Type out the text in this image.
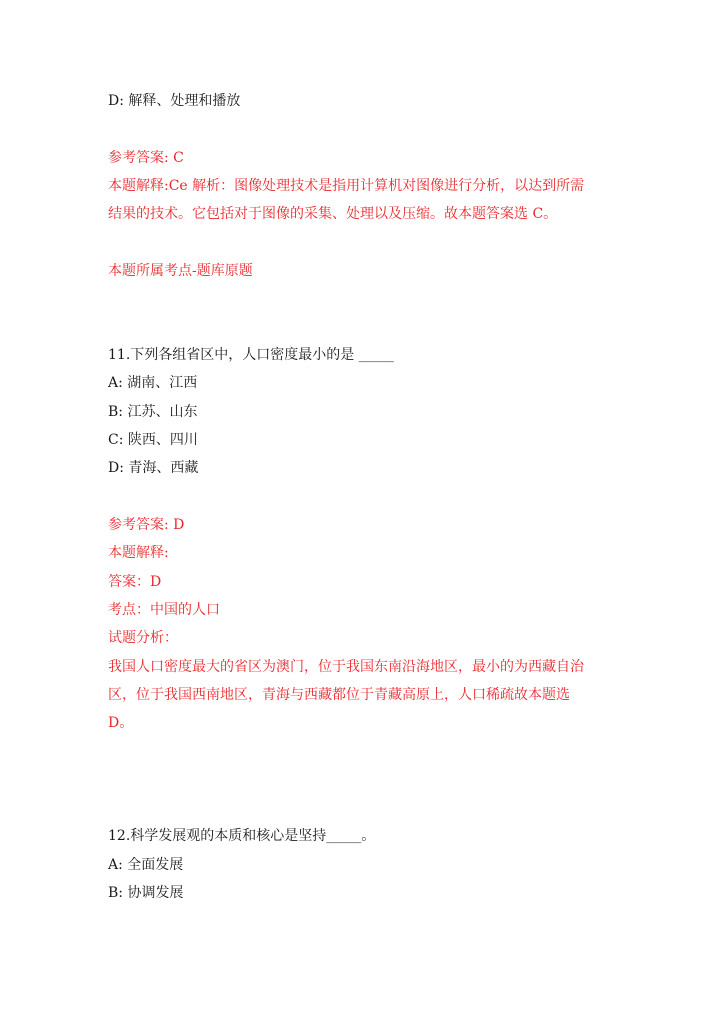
D: 解释、处理和播放
参考答案: C
本题解释:Ce 解析：图像处理技术是指用计算机对图像进行分析，以达到所需
结果的技术。它包括对于图像的采集、处理以及压缩。故本题答案选 C。
本题所属考点-题库原题
11.下列各组省区中，人口密度最小的是 _____
A: 湖南、江西
B: 江苏、山东
C: 陕西、四川
D: 青海、西藏
参考答案: D
本题解释:
答案：D
考点：中国的人口
试题分析：
我国人口密度最大的省区为澳门，位于我国东南沿海地区，最小的为西藏自治
区，位于我国西南地区，青海与西藏都位于青藏高原上，人口稀疏故本题选
D。
12.科学发展观的本质和核心是坚持_____。
A: 全面发展
B: 协调发展
